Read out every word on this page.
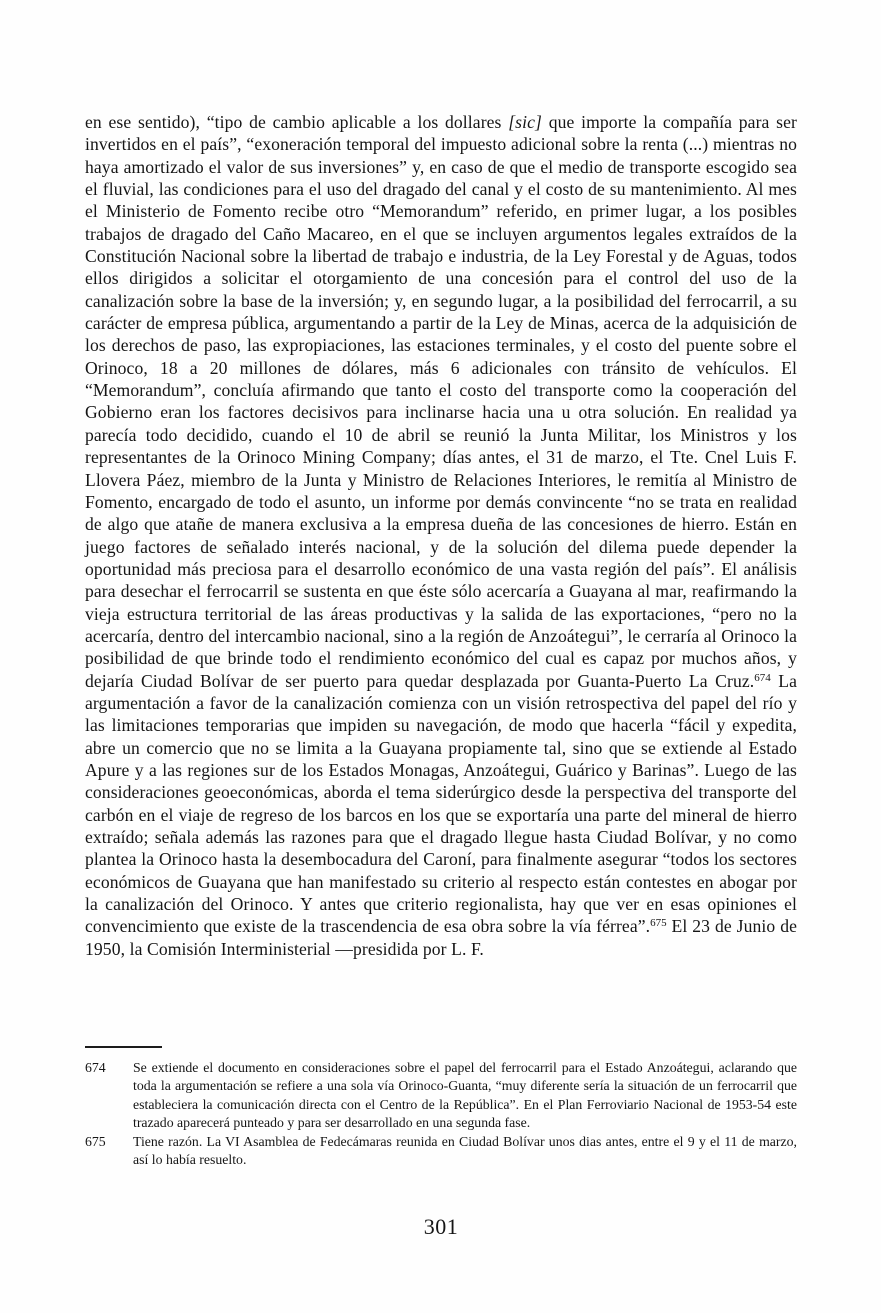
en ese sentido), “tipo de cambio aplicable a los dollares [sic] que importe la compañía para ser invertidos en el país”, “exoneración temporal del impuesto adicional sobre la renta (...) mientras no haya amortizado el valor de sus inversiones” y, en caso de que el medio de transporte escogido sea el fluvial, las condiciones para el uso del dragado del canal y el costo de su mantenimiento. Al mes el Ministerio de Fomento recibe otro “Memorandum” referido, en primer lugar, a los posibles trabajos de dragado del Caño Macareo, en el que se incluyen argumentos legales extraídos de la Constitución Nacional sobre la libertad de trabajo e industria, de la Ley Forestal y de Aguas, todos ellos dirigidos a solicitar el otorgamiento de una concesión para el control del uso de la canalización sobre la base de la inversión; y, en segundo lugar, a la posibilidad del ferrocarril, a su carácter de empresa pública, argumentando a partir de la Ley de Minas, acerca de la adquisición de los derechos de paso, las expropiaciones, las estaciones terminales, y el costo del puente sobre el Orinoco, 18 a 20 millones de dólares, más 6 adicionales con tránsito de vehículos. El “Memorandum”, concluía afirmando que tanto el costo del transporte como la cooperación del Gobierno eran los factores decisivos para inclinarse hacia una u otra solución. En realidad ya parecía todo decidido, cuando el 10 de abril se reunió la Junta Militar, los Ministros y los representantes de la Orinoco Mining Company; días antes, el 31 de marzo, el Tte. Cnel Luis F. Llovera Páez, miembro de la Junta y Ministro de Relaciones Interiores, le remitía al Ministro de Fomento, encargado de todo el asunto, un informe por demás convincente “no se trata en realidad de algo que atañe de manera exclusiva a la empresa dueña de las concesiones de hierro. Están en juego factores de señalado interés nacional, y de la solución del dilema puede depender la oportunidad más preciosa para el desarrollo económico de una vasta región del país”. El análisis para desechar el ferrocarril se sustenta en que éste sólo acercaría a Guayana al mar, reafirmando la vieja estructura territorial de las áreas productivas y la salida de las exportaciones, “pero no la acercaría, dentro del intercambio nacional, sino a la región de Anzoátegui”, le cerraría al Orinoco la posibilidad de que brinde todo el rendimiento económico del cual es capaz por muchos años, y dejaría Ciudad Bolívar de ser puerto para quedar desplazada por Guanta-Puerto La Cruz.$^{674}$ La argumentación a favor de la canalización comienza con un visión retrospectiva del papel del río y las limitaciones temporarias que impiden su navegación, de modo que hacerla “fácil y expedita, abre un comercio que no se limita a la Guayana propiamente tal, sino que se extiende al Estado Apure y a las regiones sur de los Estados Monagas, Anzoátegui, Guárico y Barinas”. Luego de las consideraciones geoeconómicas, aborda el tema siderúrgico desde la perspectiva del transporte del carbón en el viaje de regreso de los barcos en los que se exportaría una parte del mineral de hierro extraído; señala además las razones para que el dragado llegue hasta Ciudad Bolívar, y no como plantea la Orinoco hasta la desembocadura del Caroní, para finalmente asegurar “todos los sectores económicos de Guayana que han manifestado su criterio al respecto están contestes en abogar por la canalización del Orinoco. Y antes que criterio regionalista, hay que ver en esas opiniones el convencimiento que existe de la trascendencia de esa obra sobre la vía férrea”.$^{675}$ El 23 de Junio de 1950, la Comisión Interministerial —presidida por L. F.

674	Se extiende el documento en consideraciones sobre el papel del ferrocarril para el Estado Anzoátegui, aclarando que toda la argumentación se refiere a una sola vía Orinoco-Guanta, “muy diferente sería la situación de un ferrocarril que estableciera la comunicación directa con el Centro de la República”. En el Plan Ferroviario Nacional de 1953-54 este trazado aparecerá punteado y para ser desarrollado en una segunda fase.
675	Tiene razón. La VI Asamblea de Fedecámaras reunida en Ciudad Bolívar unos dias antes, entre el 9 y el 11 de marzo, así lo había resuelto.
301
